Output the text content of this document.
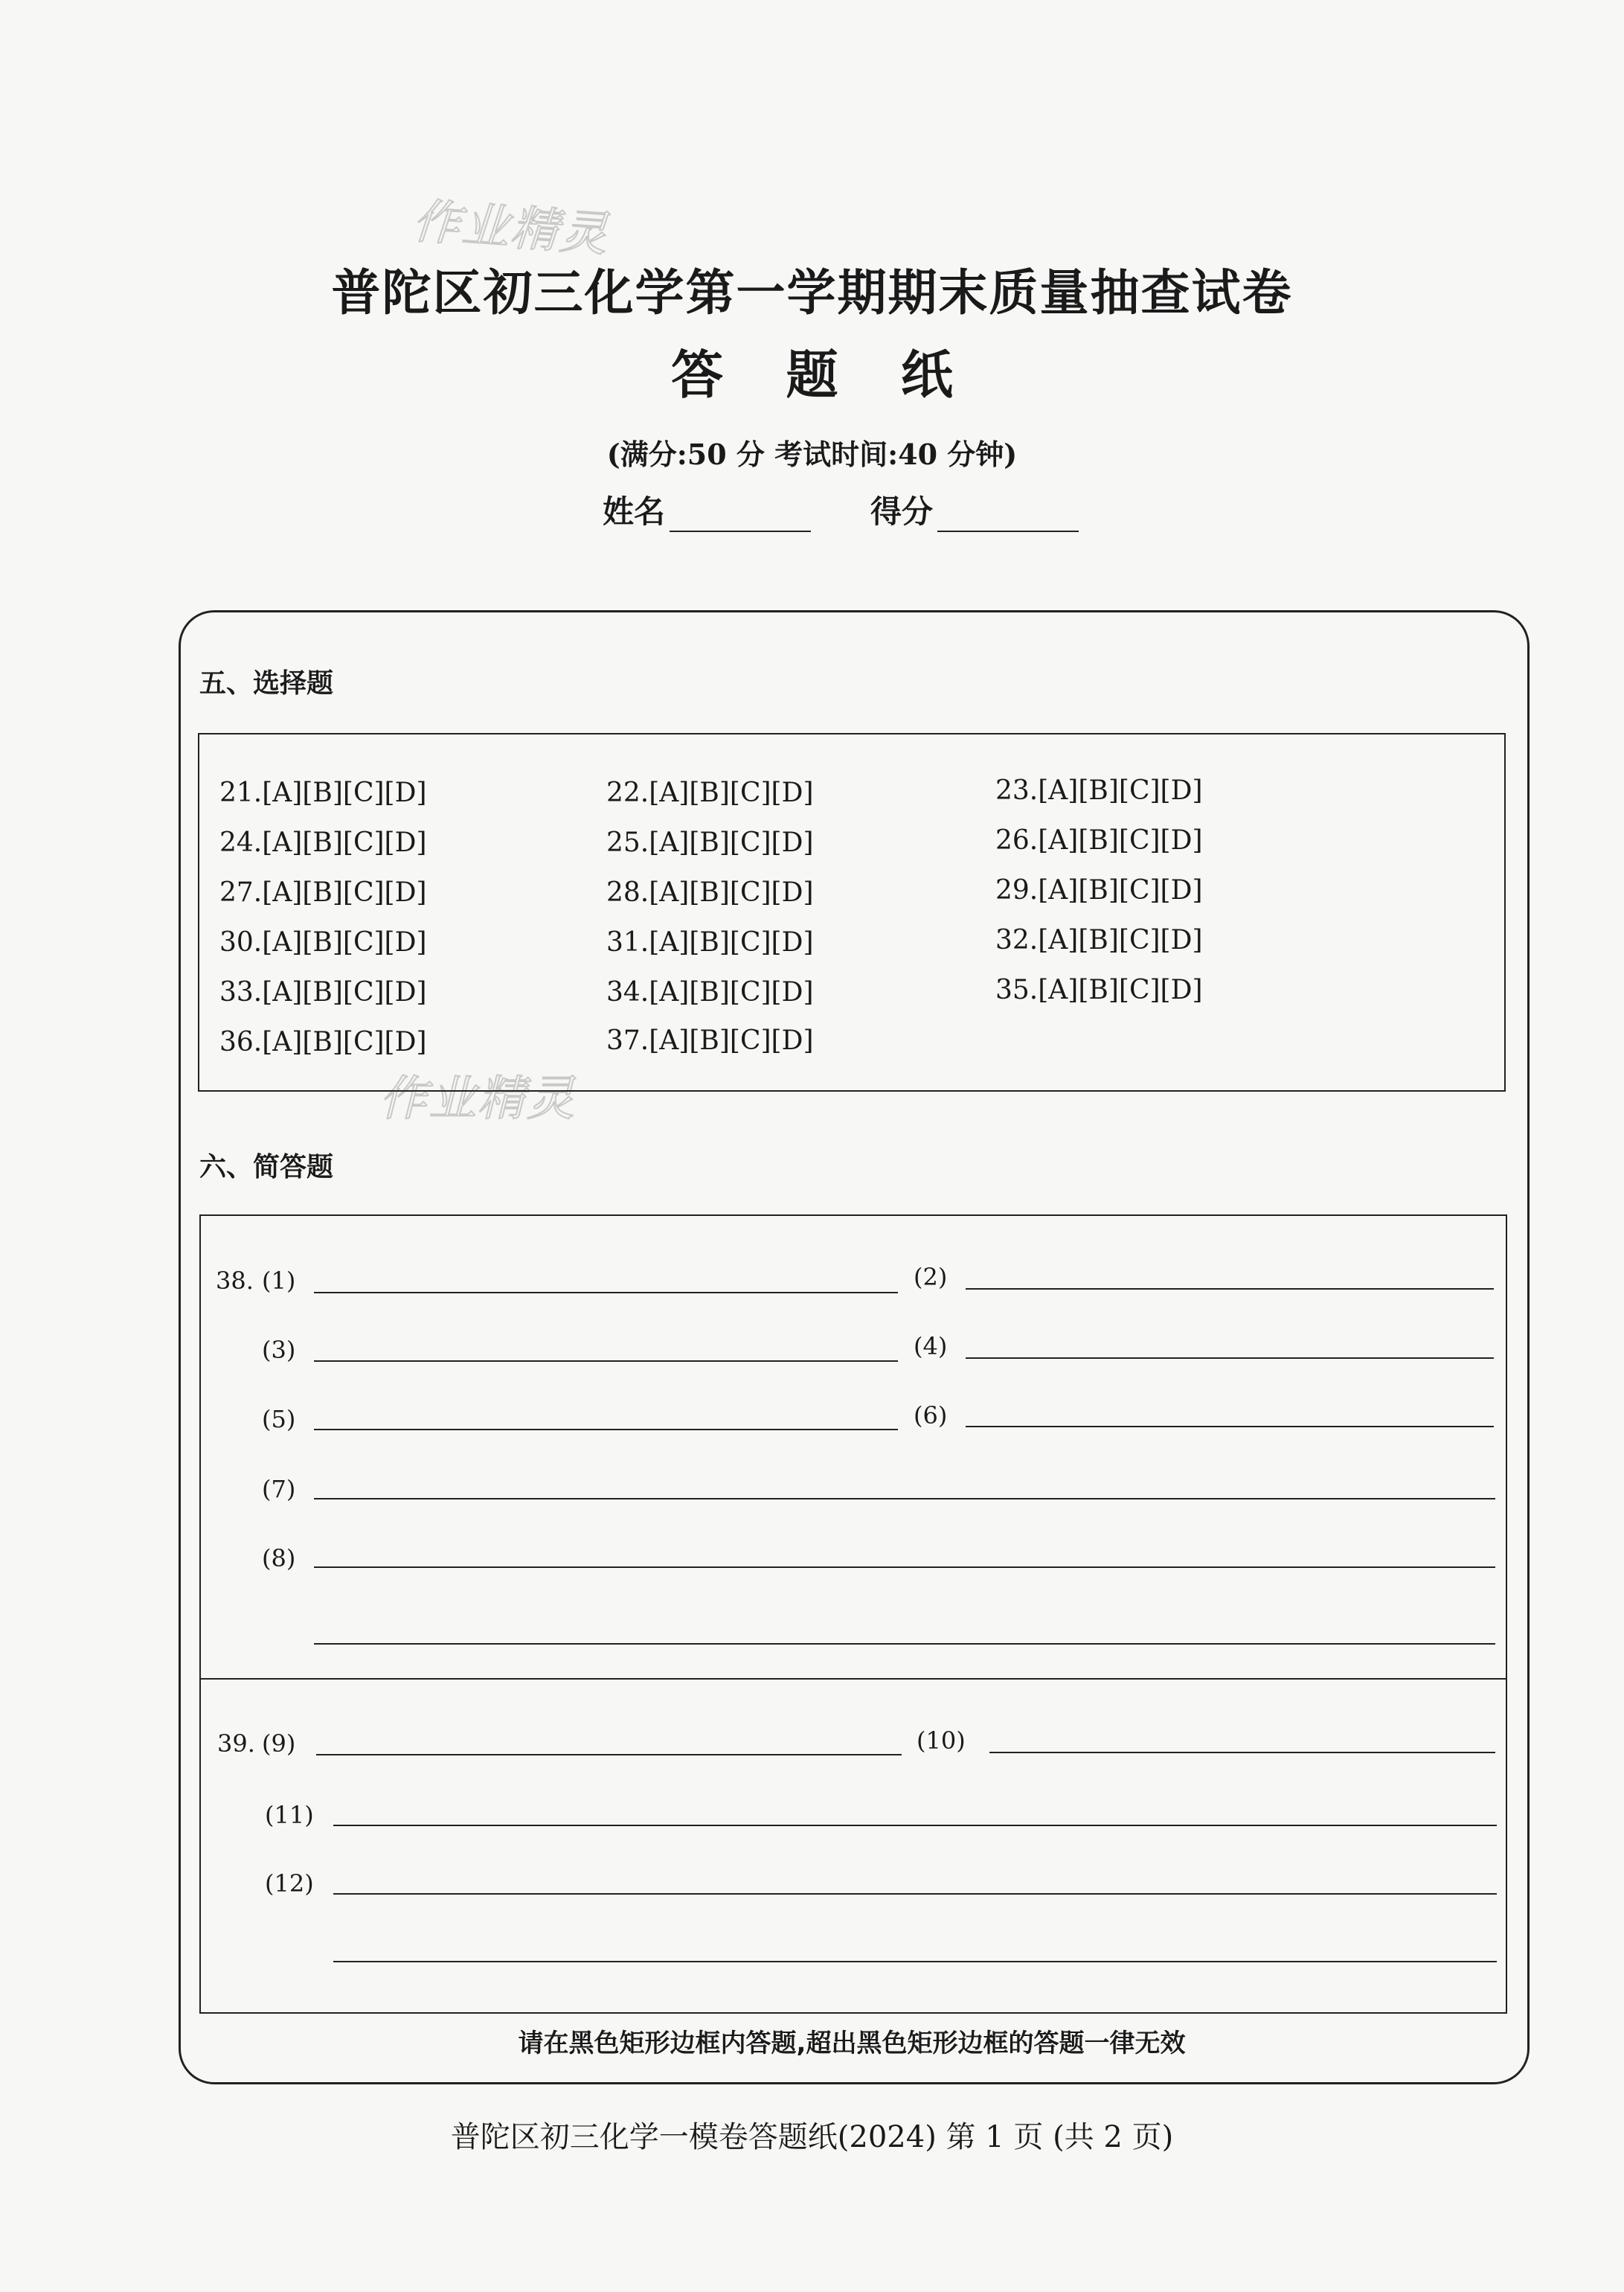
作业精灵
作业精灵
普陀区初三化学第一学期期末质量抽查试卷
答 题 纸
(满分:50 分 考试时间:40 分钟)
姓名	得分
五、选择题
21.[A][B][C][D]	22.[A][B][C][D]	23.[A][B][C][D]
24.[A][B][C][D]	25.[A][B][C][D]	26.[A][B][C][D]
27.[A][B][C][D]	28.[A][B][C][D]	29.[A][B][C][D]
30.[A][B][C][D]	31.[A][B][C][D]	32.[A][B][C][D]
33.[A][B][C][D]	34.[A][B][C][D]	35.[A][B][C][D]
36.[A][B][C][D]	37.[A][B][C][D]
六、简答题
38. (1)	(2)
(3)	(4)
(5)	(6)
(7)
(8)
39. (9)	(10)
(11)
(12)
请在黑色矩形边框内答题,超出黑色矩形边框的答题一律无效
普陀区初三化学一模卷答题纸(2024) 第 1 页 (共 2 页)
